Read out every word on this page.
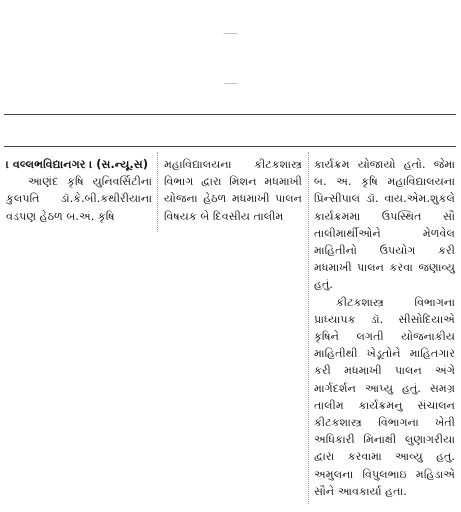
આણંદ ખાતે મિશન મધમાખી હેઠળ
મધમાખી પાલન તાલીમ યોજાઇ

। વલ્લભવિદ્યાનગર । (સ.ન્યૂ.સ)

આણંદ કૃષિ યુનિવર્સિટીના કુલપતિ ડૉ.કે.બી.કથીરીયાના વડપણ હેઠળ બ.અં. કૃષિ

મહાવિદ્યાલયના કીટકશાસ્ત્ર વિભાગ દ્વારા મિશન મધમાખી યોજના હેઠળ મધમાખી પાલન વિષયક બે દિવસીય તાલીમ

કાર્યક્રમ યોજાયો હતો. જેમા બ. અ. કૃષિ મહાવિદ્યાલયના પ્રિન્સીપાલ ડૉ. વાય.એમ.શુકલે કાર્યક્રમમા ઉપસ્થિત સૌ તાલીમાર્થીઓને મેળવેલ માહિતીનો ઉપયોગ કરી મધમાખી પાલન કરવા જણાવ્યુ હતું.

કીટકશાસ્ત્ર વિભાગના પ્રાધ્યાપક ડૉ. સીસોદિયાએ કૃષિને લગતી યોજનાકીય માહિતીથી ખેડૂતોને માહિતગાર કરી મધમાખી પાલન અંગે માર્ગદર્શન આપ્યુ હતું. સમગ્ર તાલીમ કાર્યક્રમનુ સંચાલન કીટકશાસ્ત્ર વિભાગના ખેતી અધિકારી મિનાક્ષી લુણાગરીયા દ્વારા કરવામા આવ્યુ હતુ. અમુલના વિપુલભાઇ મહિડાએ સૌને આવકાર્યા હતા.
